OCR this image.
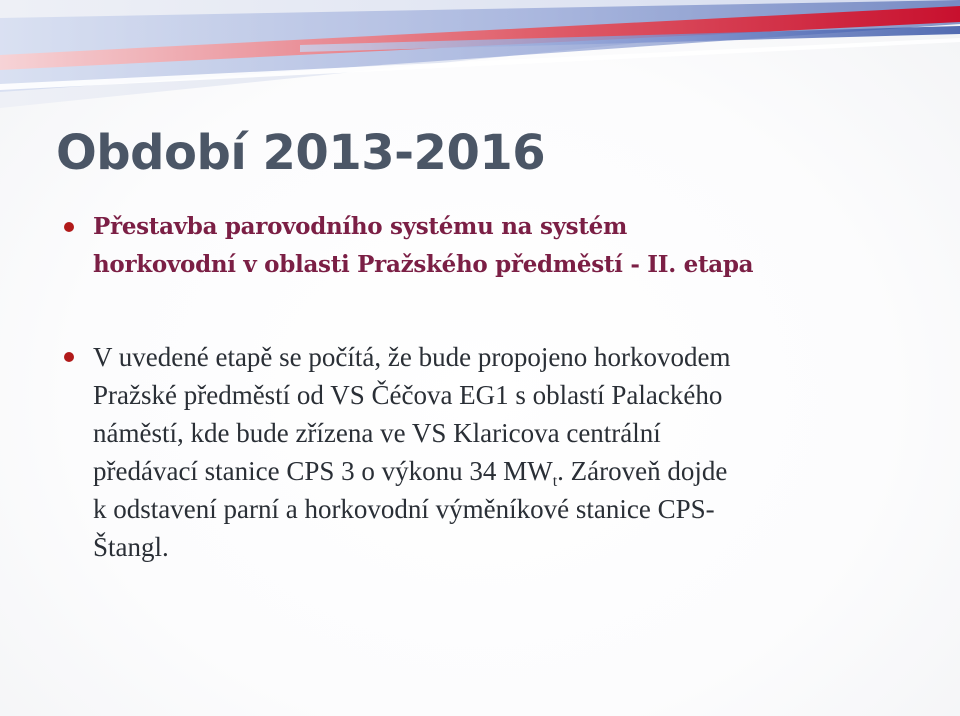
Období 2013-2016
Přestavba parovodního systému na systém
horkovodní v oblasti Pražského předměstí - II. etapa
V uvedené etapě se počítá, že bude propojeno horkovodem
Pražské předměstí od VS Čéčova EG1 s oblastí Palackého
náměstí, kde bude zřízena ve VS Klaricova centrální
předávací stanice CPS 3 o výkonu 34 $MW_t$. Zároveň dojde
k odstavení parní a horkovodní výměníkové stanice CPS-
Štangl.
